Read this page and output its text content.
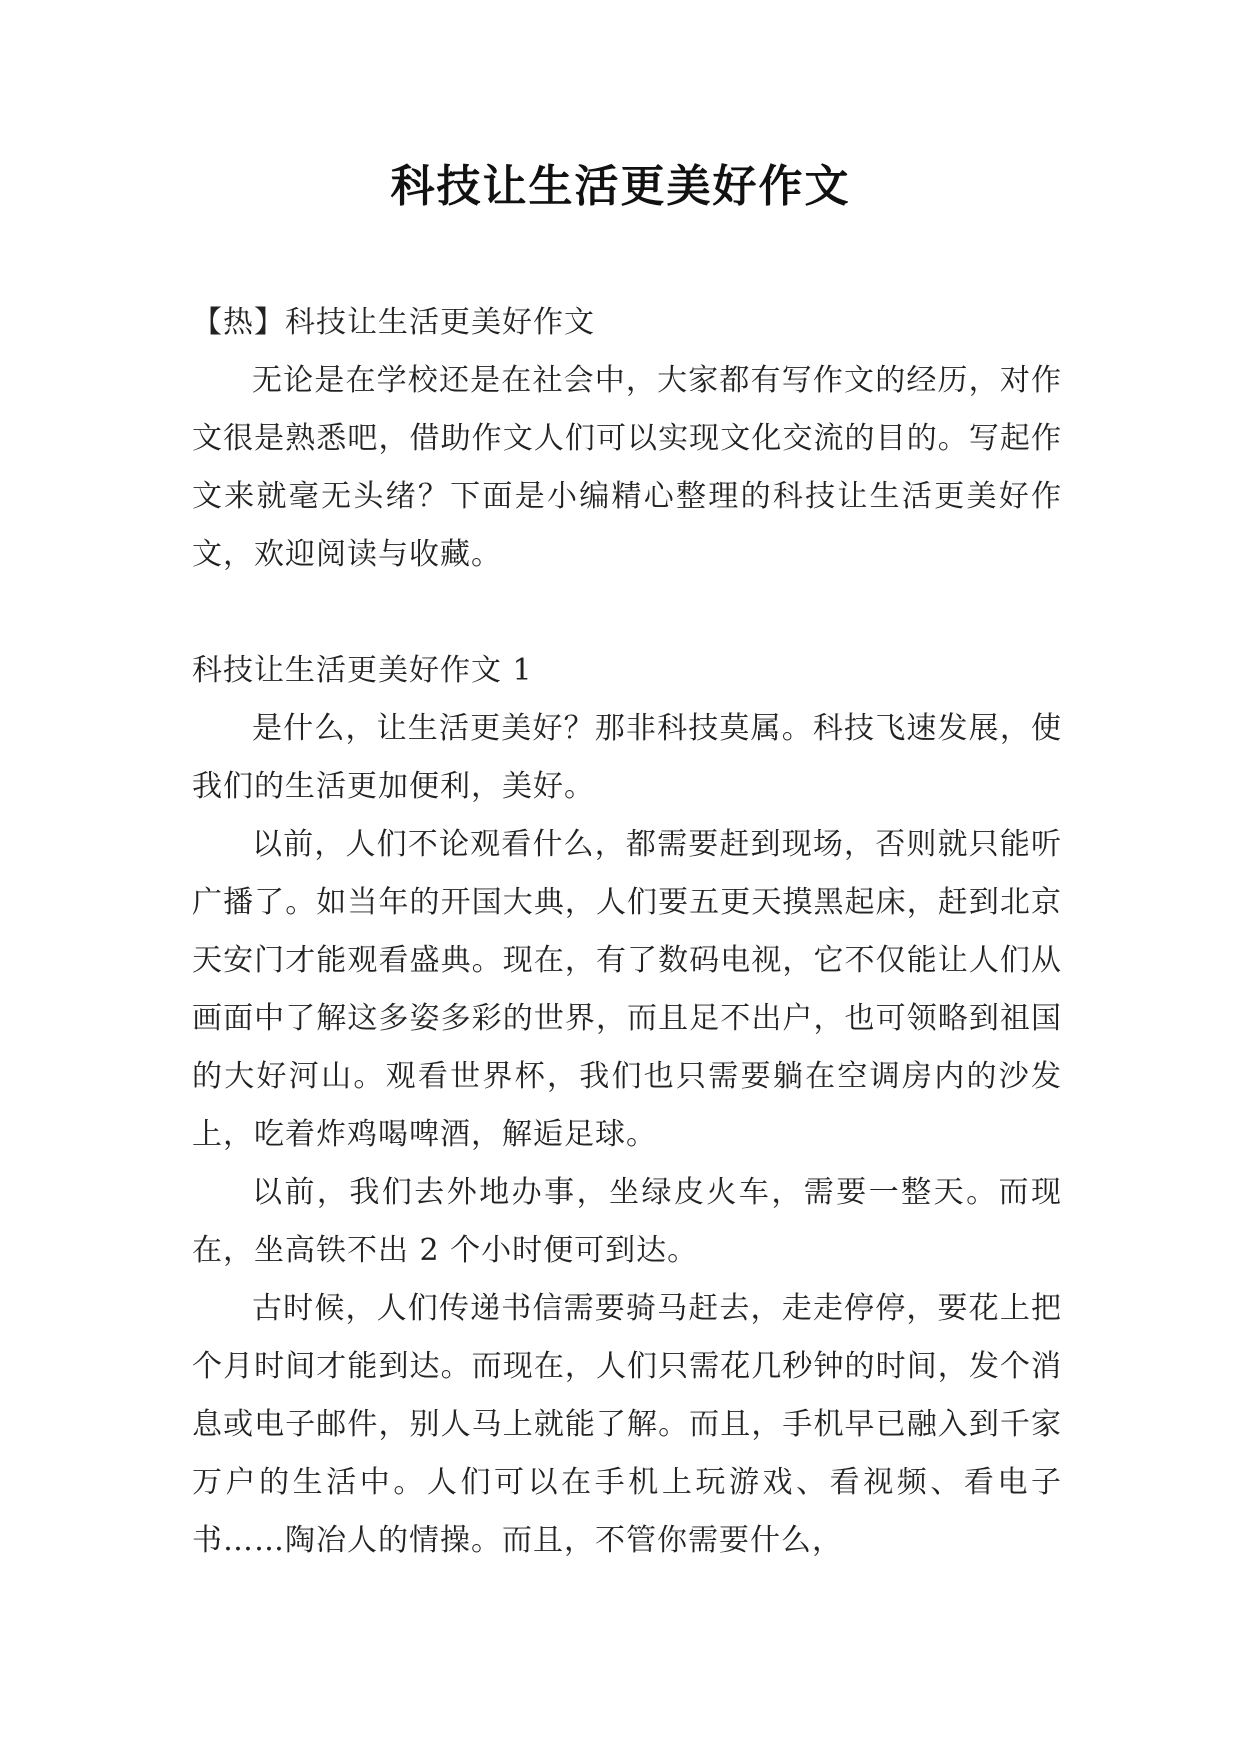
科技让生活更美好作文

【热】科技让生活更美好作文

无论是在学校还是在社会中，大家都有写作文的经历，对作文很是熟悉吧，借助作文人们可以实现文化交流的目的。写起作文来就毫无头绪？下面是小编精心整理的科技让生活更美好作文，欢迎阅读与收藏。

科技让生活更美好作文 1

是什么，让生活更美好？那非科技莫属。科技飞速发展，使我们的生活更加便利，美好。

以前，人们不论观看什么，都需要赶到现场，否则就只能听广播了。如当年的开国大典，人们要五更天摸黑起床，赶到北京天安门才能观看盛典。现在，有了数码电视，它不仅能让人们从画面中了解这多姿多彩的世界，而且足不出户，也可领略到祖国的大好河山。观看世界杯，我们也只需要躺在空调房内的沙发上，吃着炸鸡喝啤酒，解逅足球。

以前，我们去外地办事，坐绿皮火车，需要一整天。而现在，坐高铁不出 2 个小时便可到达。

古时候，人们传递书信需要骑马赶去，走走停停，要花上把个月时间才能到达。而现在，人们只需花几秒钟的时间，发个消息或电子邮件，别人马上就能了解。而且，手机早已融入到千家万户的生活中。人们可以在手机上玩游戏、看视频、看电子书……陶冶人的情操。而且，不管你需要什么，
